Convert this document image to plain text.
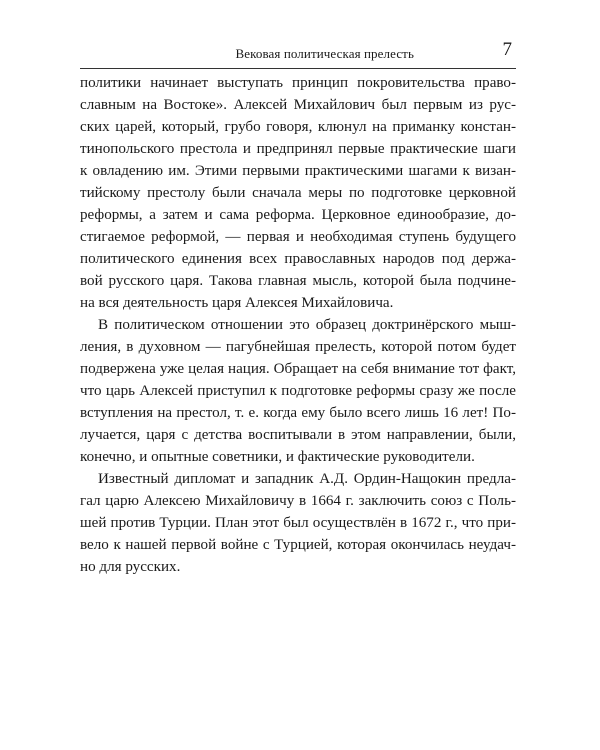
Вековая политическая прелесть	7
политики начинает выступать принцип покровительства право-
славным на Востоке». Алексей Михайлович был первым из рус-
ских царей, который, грубо говоря, клюнул на приманку констан-
тинопольского престола и предпринял первые практические шаги
к овладению им. Этими первыми практическими шагами к визан-
тийскому престолу были сначала меры по подготовке церковной
реформы, а затем и сама реформа. Церковное единообразие, до-
стигаемое реформой, — первая и необходимая ступень будущего
политического единения всех православных народов под держа-
вой русского царя. Такова главная мысль, которой была подчине-
на вся деятельность царя Алексея Михайловича.
В политическом отношении это образец доктринёрского мыш-
ления, в духовном — пагубнейшая прелесть, которой потом будет
подвержена уже целая нация. Обращает на себя внимание тот факт,
что царь Алексей приступил к подготовке реформы сразу же после
вступления на престол, т. е. когда ему было всего лишь 16 лет! По-
лучается, царя с детства воспитывали в этом направлении, были,
конечно, и опытные советники, и фактические руководители.
Известный дипломат и западник А.Д. Ордин-Нащокин предла-
гал царю Алексею Михайловичу в 1664 г. заключить союз с Поль-
шей против Турции. План этот был осуществлён в 1672 г., что при-
вело к нашей первой войне с Турцией, которая окончилась неудач-
но для русских.
